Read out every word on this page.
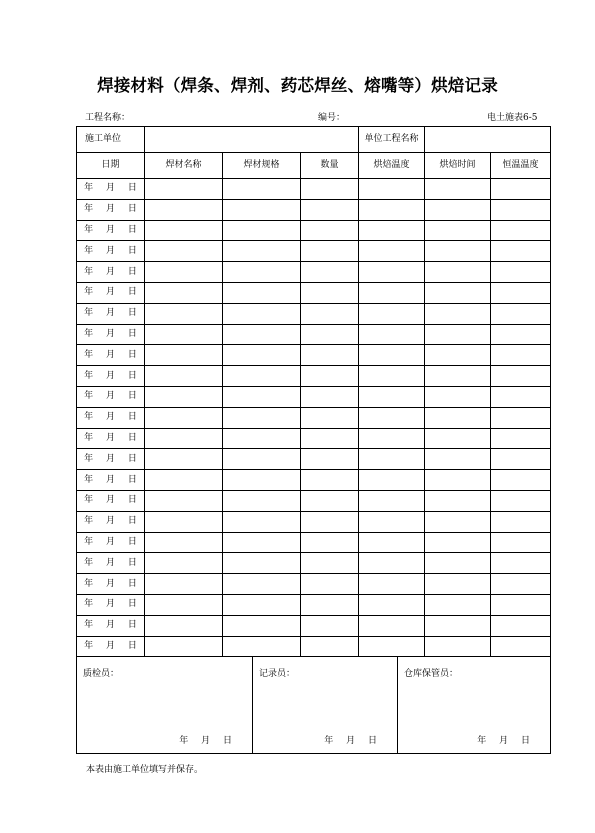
焊接材料（焊条、焊剂、药芯焊丝、熔嘴等）烘焙记录
工程名称：	编号：	电土施表6-5
施工单位				单位工程名称		
日期	焊材名称	焊材规格	数量	烘焙温度	烘焙时间	恒温温度
年 月 日						
年 月 日						
年 月 日						
年 月 日						
年 月 日						
年 月 日						
年 月 日						
年 月 日						
年 月 日						
年 月 日						
年 月 日						
年 月 日						
年 月 日						
年 月 日						
年 月 日						
年 月 日						
年 月 日						
年 月 日						
年 月 日						
年 月 日						
年 月 日						
年 月 日						
年 月 日						
质检员：
年 月 日

记录员：
年 月 日

仓库保管员：
年 月 日
本表由施工单位填写并保存。
